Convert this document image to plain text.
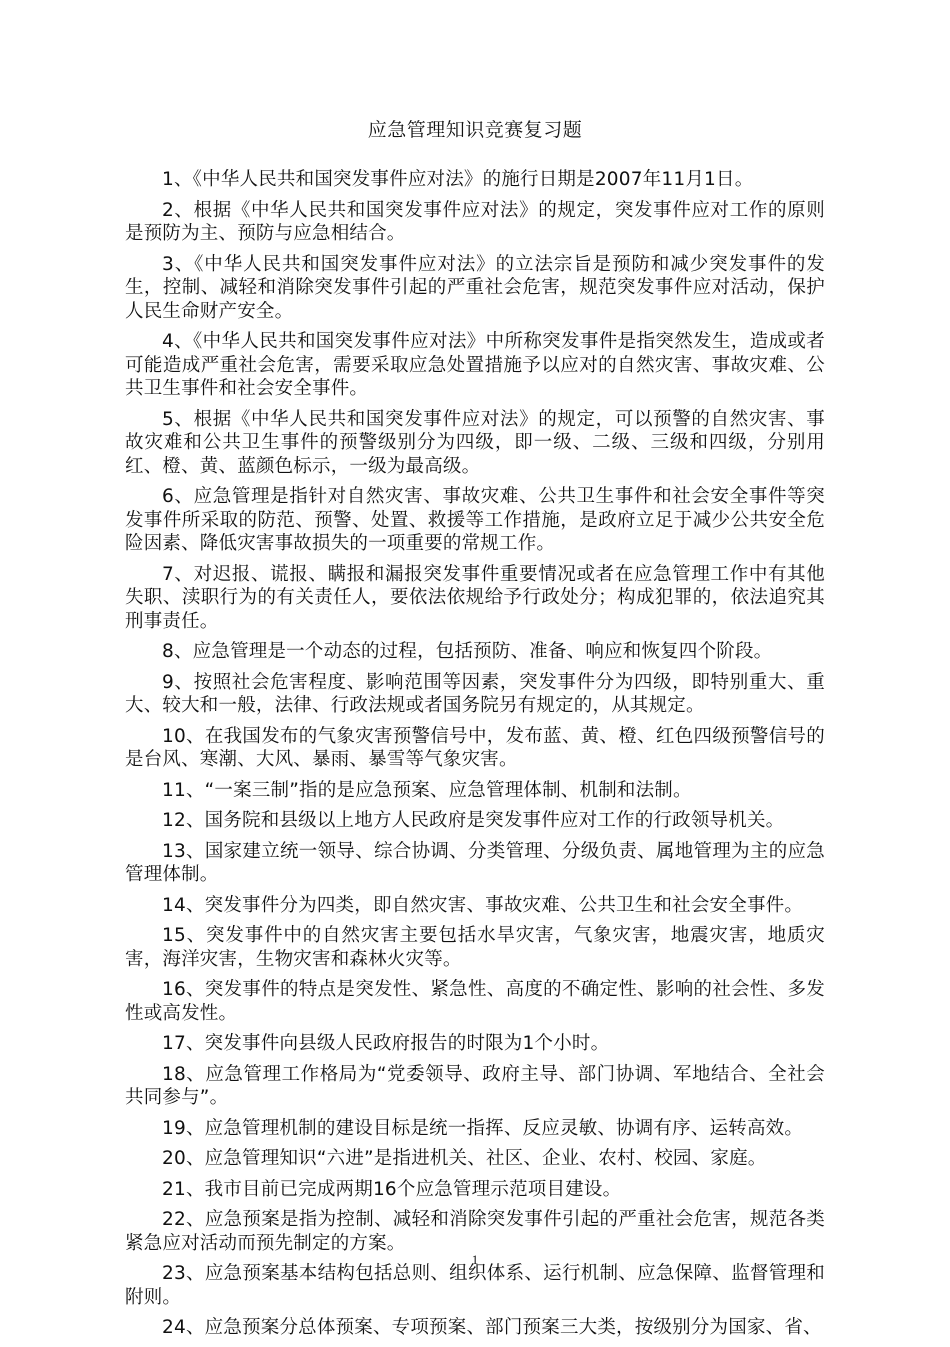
应急管理知识竞赛复习题

1、《中华人民共和国突发事件应对法》的施行日期是2007年11月1日。

2、根据《中华人民共和国突发事件应对法》的规定，突发事件应对工作的原则是预防为主、预防与应急相结合。

3、《中华人民共和国突发事件应对法》的立法宗旨是预防和减少突发事件的发生，控制、减轻和消除突发事件引起的严重社会危害，规范突发事件应对活动，保护人民生命财产安全。

4、《中华人民共和国突发事件应对法》中所称突发事件是指突然发生，造成或者可能造成严重社会危害，需要采取应急处置措施予以应对的自然灾害、事故灾难、公共卫生事件和社会安全事件。

5、根据《中华人民共和国突发事件应对法》的规定，可以预警的自然灾害、事故灾难和公共卫生事件的预警级别分为四级，即一级、二级、三级和四级，分别用红、橙、黄、蓝颜色标示，一级为最高级。

6、应急管理是指针对自然灾害、事故灾难、公共卫生事件和社会安全事件等突发事件所采取的防范、预警、处置、救援等工作措施，是政府立足于减少公共安全危险因素、降低灾害事故损失的一项重要的常规工作。

7、对迟报、谎报、瞒报和漏报突发事件重要情况或者在应急管理工作中有其他失职、渎职行为的有关责任人，要依法依规给予行政处分；构成犯罪的，依法追究其刑事责任。

8、应急管理是一个动态的过程，包括预防、准备、响应和恢复四个阶段。

9、按照社会危害程度、影响范围等因素，突发事件分为四级，即特别重大、重大、较大和一般，法律、行政法规或者国务院另有规定的，从其规定。

10、在我国发布的气象灾害预警信号中，发布蓝、黄、橙、红色四级预警信号的是台风、寒潮、大风、暴雨、暴雪等气象灾害。

11、“一案三制”指的是应急预案、应急管理体制、机制和法制。

12、国务院和县级以上地方人民政府是突发事件应对工作的行政领导机关。

13、国家建立统一领导、综合协调、分类管理、分级负责、属地管理为主的应急管理体制。

14、突发事件分为四类，即自然灾害、事故灾难、公共卫生和社会安全事件。

15、突发事件中的自然灾害主要包括水旱灾害，气象灾害，地震灾害，地质灾害，海洋灾害，生物灾害和森林火灾等。

16、突发事件的特点是突发性、紧急性、高度的不确定性、影响的社会性、多发性或高发性。

17、突发事件向县级人民政府报告的时限为1个小时。

18、应急管理工作格局为“党委领导、政府主导、部门协调、军地结合、全社会共同参与”。

19、应急管理机制的建设目标是统一指挥、反应灵敏、协调有序、运转高效。

20、应急管理知识“六进”是指进机关、社区、企业、农村、校园、家庭。

21、我市目前已完成两期16个应急管理示范项目建设。

22、应急预案是指为控制、减轻和消除突发事件引起的严重社会危害，规范各类紧急应对活动而预先制定的方案。

23、应急预案基本结构包括总则、组织体系、运行机制、应急保障、监督管理和附则。

24、应急预案分总体预案、专项预案、部门预案三大类，按级别分为国家、省、

1
